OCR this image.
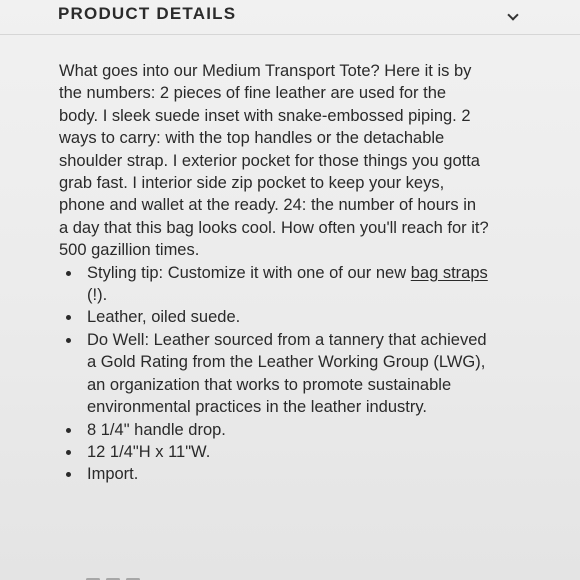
PRODUCT DETAILS

What goes into our Medium Transport Tote? Here it is by the numbers: 2 pieces of fine leather are used for the body. I sleek suede inset with snake-embossed piping. 2 ways to carry: with the top handles or the detachable shoulder strap. I exterior pocket for those things you gotta grab fast. I interior side zip pocket to keep your keys, phone and wallet at the ready. 24: the number of hours in a day that this bag looks cool. How often you'll reach for it? 500 gazillion times.

Styling tip: Customize it with one of our new bag straps (!).
Leather, oiled suede.
Do Well: Leather sourced from a tannery that achieved a Gold Rating from the Leather Working Group (LWG), an organization that works to promote sustainable environmental practices in the leather industry.
8 1/4" handle drop.
12 1/4"H x 11"W.
Import.
